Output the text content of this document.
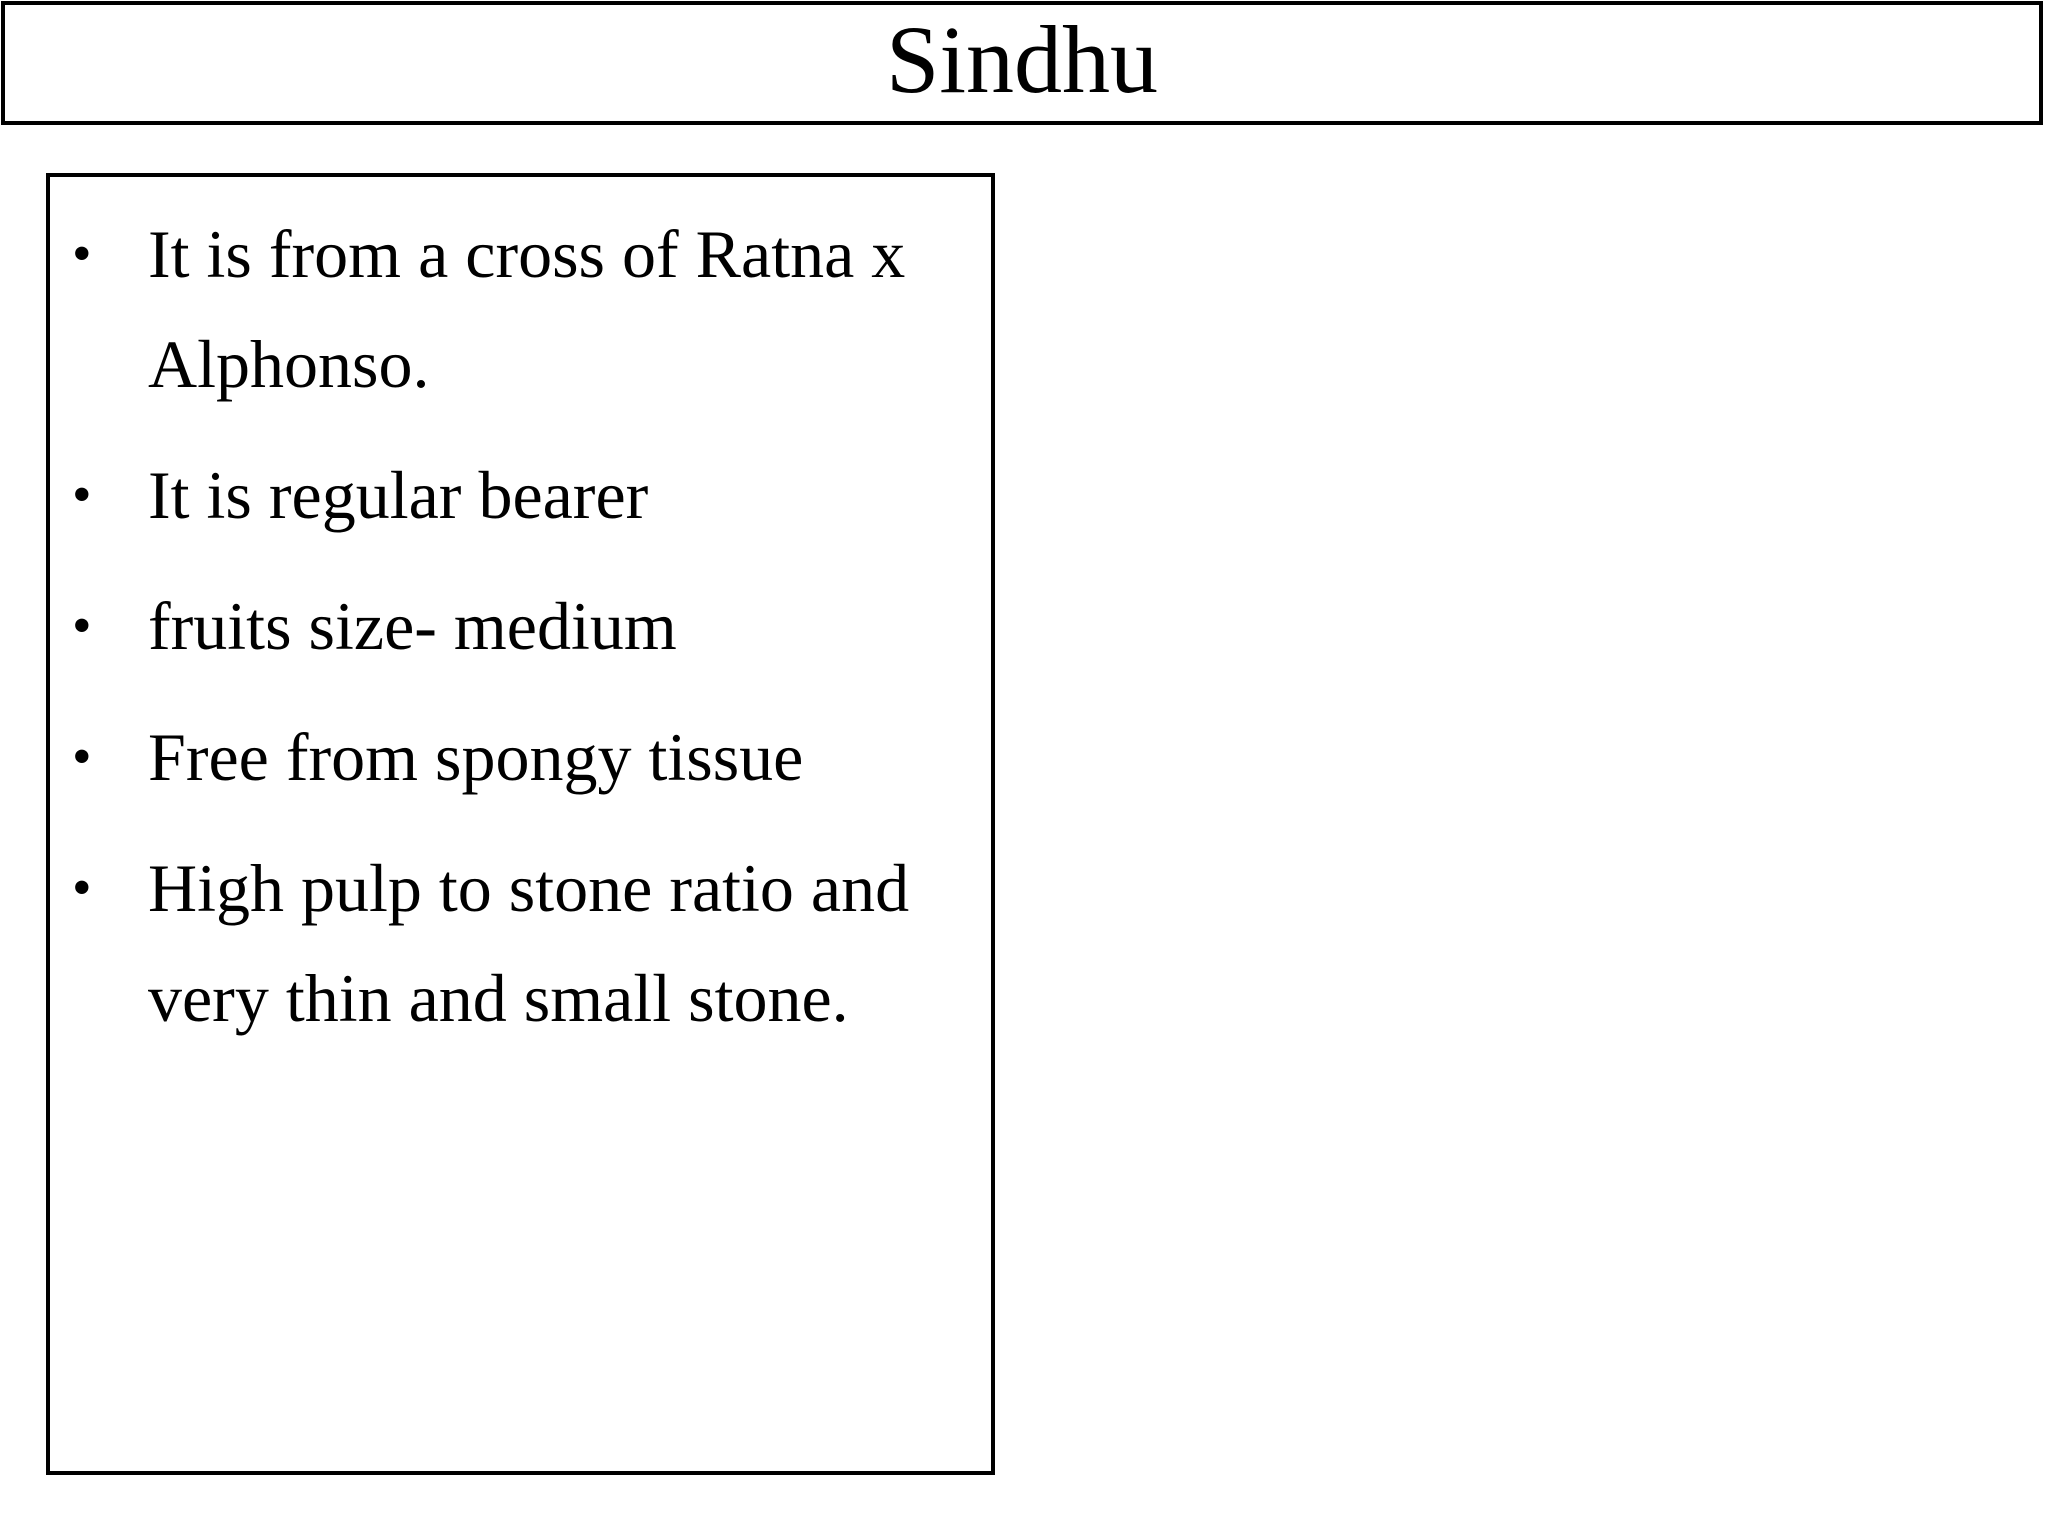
Sindhu
• It is from a cross of Ratna x Alphonso.
• It is regular bearer
• fruits size- medium
• Free from spongy tissue
• High pulp to stone ratio and very thin and small stone.
